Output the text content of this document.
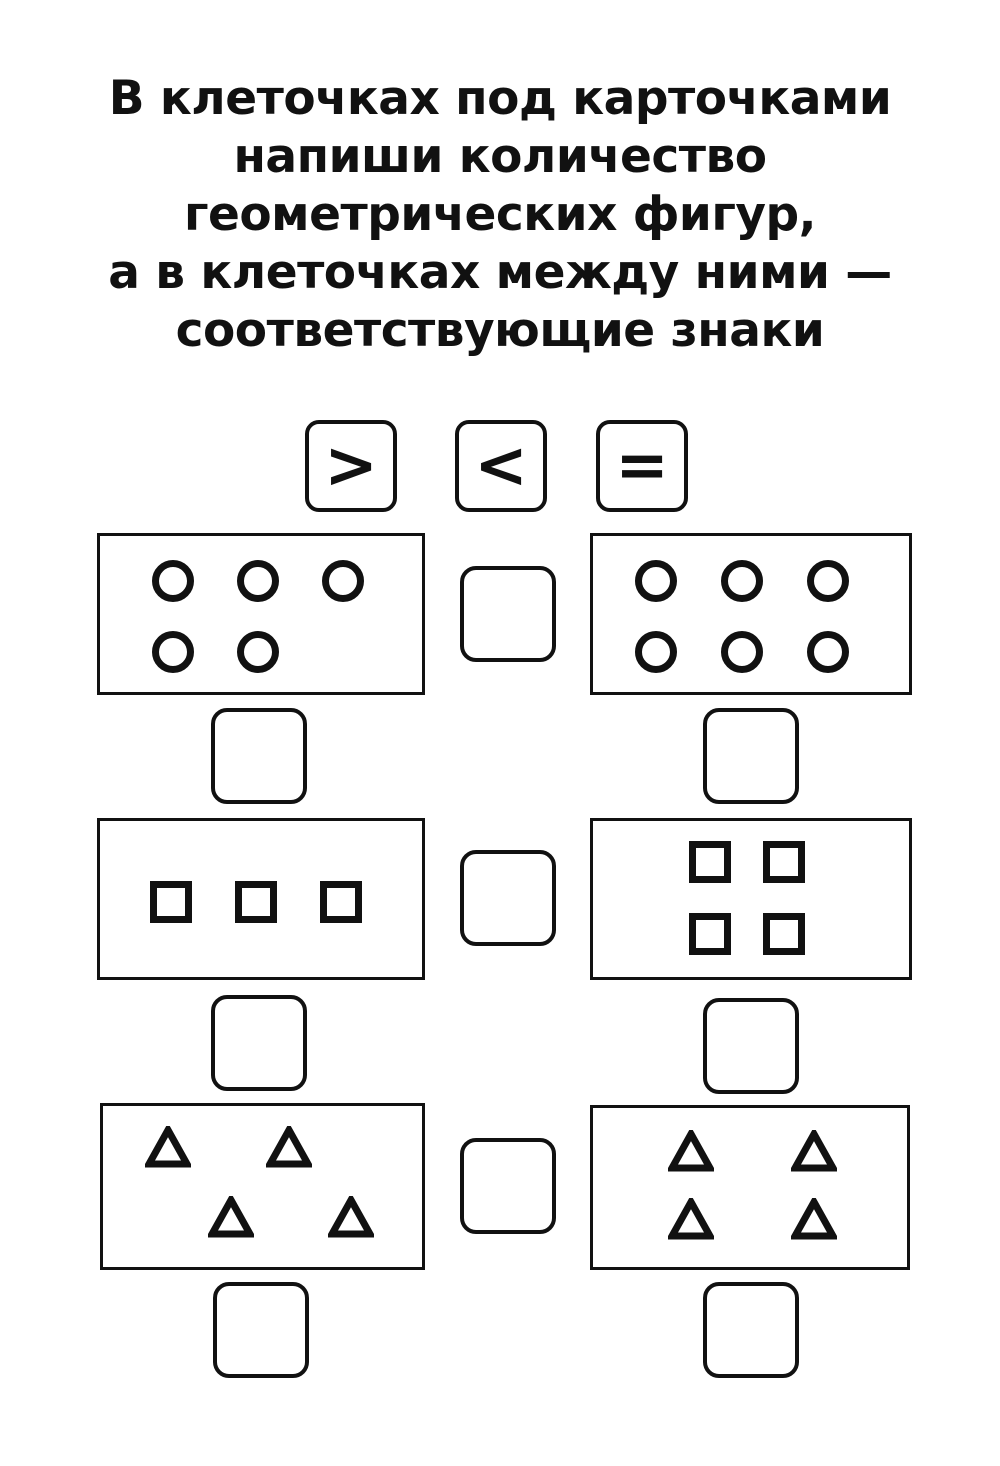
В клеточках под карточками
напиши количество
геометрических фигур,
а в клеточках между ними —
соответствующие знаки
> < =
